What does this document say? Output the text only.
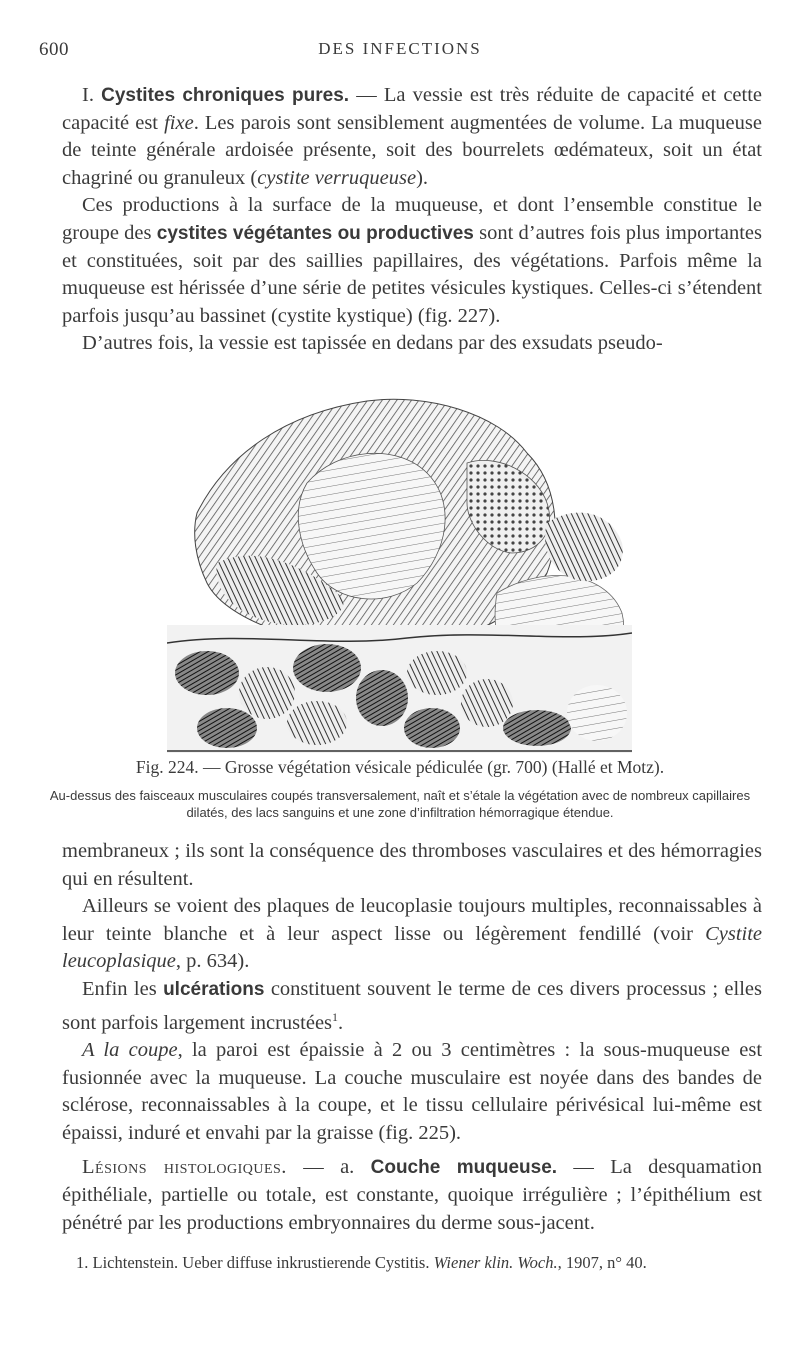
600	DES INFECTIONS

I. Cystites chroniques pures. — La vessie est très réduite de capacité et cette capacité est fixe. Les parois sont sensiblement augmentées de volume. La muqueuse de teinte générale ardoisée présente, soit des bourrelets œdémateux, soit un état chagriné ou granuleux (cystite verruqueuse).

Ces productions à la surface de la muqueuse, et dont l’ensemble constitue le groupe des cystites végétantes ou productives sont d’autres fois plus importantes et constituées, soit par des saillies papillaires, des végétations. Parfois même la muqueuse est hérissée d’une série de petites vésicules kystiques. Celles-ci s’étendent parfois jusqu’au bassinet (cystite kystique) (fig. 227).

D’autres fois, la vessie est tapissée en dedans par des exsudats pseudo-

Fig. 224. — Grosse végétation vésicale pédiculée (gr. 700) (Hallé et Motz).
Au-dessus des faisceaux musculaires coupés transversalement, naît et s’étale la végétation avec de nombreux capillaires dilatés, des lacs sanguins et une zone d’infiltration hémorragique étendue.

membraneux ; ils sont la conséquence des thromboses vasculaires et des hémorragies qui en résultent.

Ailleurs se voient des plaques de leucoplasie toujours multiples, reconnaissables à leur teinte blanche et à leur aspect lisse ou légèrement fendillé (voir Cystite leucoplasique, p. 634).

Enfin les ulcérations constituent souvent le terme de ces divers processus ; elles sont parfois largement incrustées$^1$.

A la coupe, la paroi est épaissie à 2 ou 3 centimètres : la sous-muqueuse est fusionnée avec la muqueuse. La couche musculaire est noyée dans des bandes de sclérose, reconnaissables à la coupe, et le tissu cellulaire périvésical lui-même est épaissi, induré et envahi par la graisse (fig. 225).

Lésions histologiques. — a. Couche muqueuse. — La desquamation épithéliale, partielle ou totale, est constante, quoique irrégulière ; l’épithélium est pénétré par les productions embryonnaires du derme sous-jacent.

1. Lichtenstein. Ueber diffuse inkrustierende Cystitis. Wiener klin. Woch., 1907, n° 40.
